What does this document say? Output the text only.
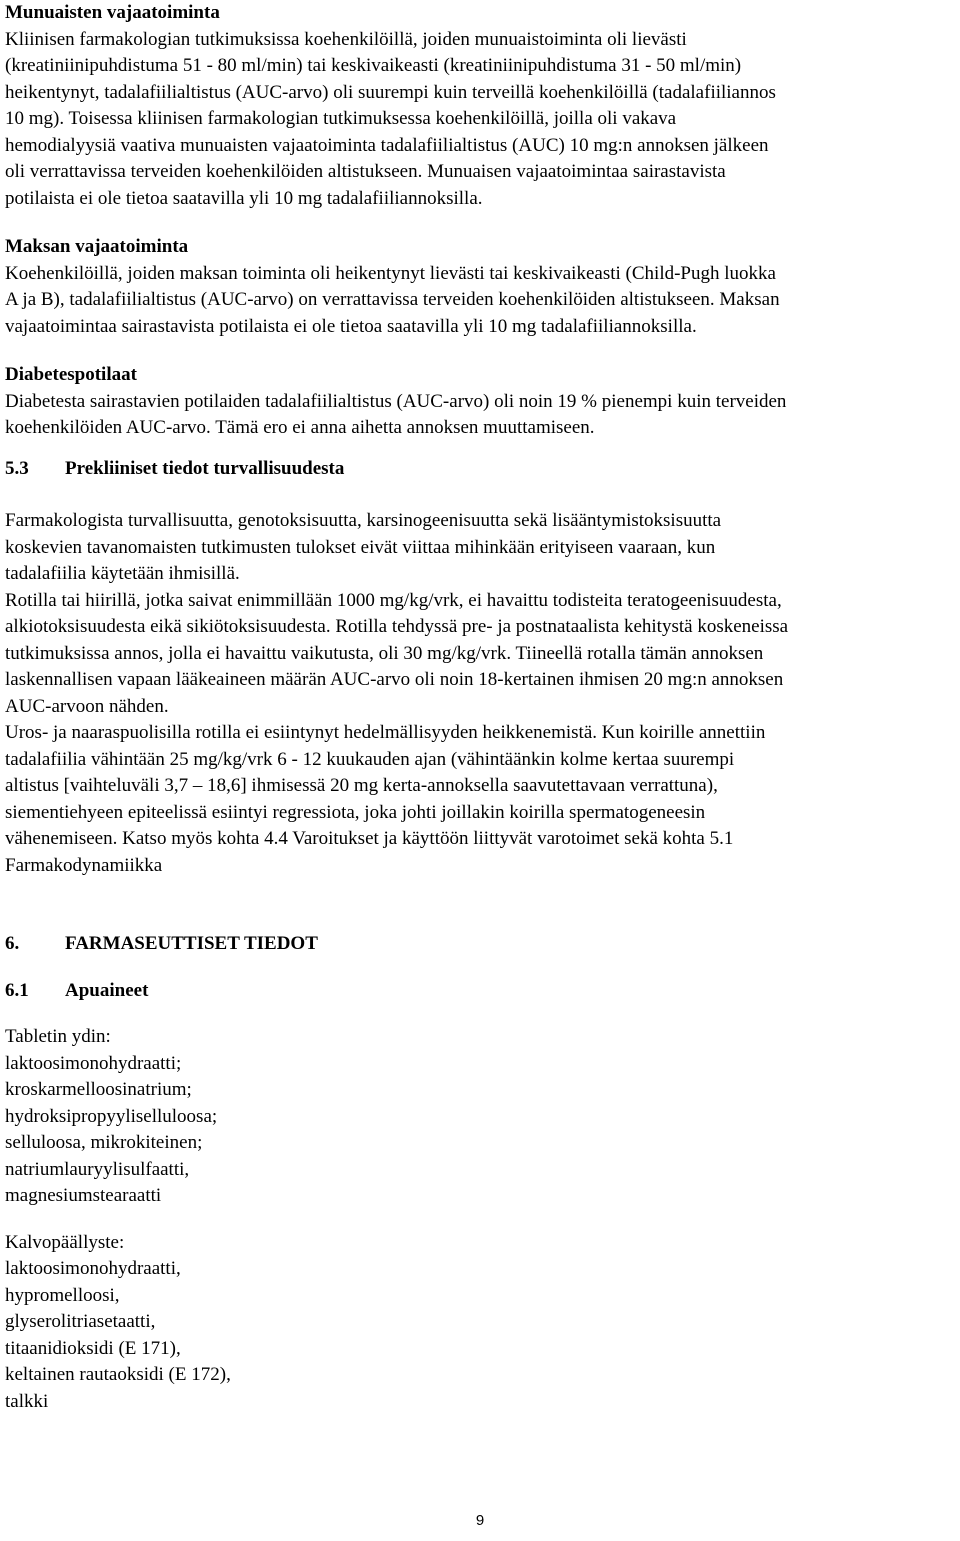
Munuaisten vajaatoiminta

Kliinisen farmakologian tutkimuksissa koehenkilöillä, joiden munuaistoiminta oli lievästi

(kreatiniinipuhdistuma 51 - 80 ml/min) tai keskivaikeasti (kreatiniinipuhdistuma 31 - 50 ml/min)

heikentynyt, tadalafiilialtistus (AUC-arvo) oli suurempi kuin terveillä koehenkilöillä (tadalafiiliannos

10 mg). Toisessa kliinisen farmakologian tutkimuksessa koehenkilöillä, joilla oli vakava

hemodialyysiä vaativa munuaisten vajaatoiminta tadalafiilialtistus (AUC) 10 mg:n annoksen jälkeen

oli verrattavissa terveiden koehenkilöiden altistukseen. Munuaisen vajaatoimintaa sairastavista

potilaista ei ole tietoa saatavilla yli 10 mg tadalafiiliannoksilla.

Maksan vajaatoiminta

Koehenkilöillä, joiden maksan toiminta oli heikentynyt lievästi tai keskivaikeasti (Child-Pugh luokka

A ja B), tadalafiilialtistus (AUC-arvo) on verrattavissa terveiden koehenkilöiden altistukseen. Maksan

vajaatoimintaa sairastavista potilaista ei ole tietoa saatavilla yli 10 mg tadalafiiliannoksilla.

Diabetespotilaat

Diabetesta sairastavien potilaiden tadalafiilialtistus (AUC-arvo) oli noin 19 % pienempi kuin terveiden

koehenkilöiden AUC-arvo. Tämä ero ei anna aihetta annoksen muuttamiseen.

5.3 Prekliiniset tiedot turvallisuudesta

Farmakologista turvallisuutta, genotoksisuutta, karsinogeenisuutta sekä lisääntymistoksisuutta

koskevien tavanomaisten tutkimusten tulokset eivät viittaa mihinkään erityiseen vaaraan, kun

tadalafiilia käytetään ihmisillä.

Rotilla tai hiirillä, jotka saivat enimmillään 1000 mg/kg/vrk, ei havaittu todisteita teratogeenisuudesta,

alkiotoksisuudesta eikä sikiötoksisuudesta. Rotilla tehdyssä pre- ja postnataalista kehitystä koskeneissa

tutkimuksissa annos, jolla ei havaittu vaikutusta, oli 30 mg/kg/vrk. Tiineellä rotalla tämän annoksen

laskennallisen vapaan lääkeaineen määrän AUC-arvo oli noin 18-kertainen ihmisen 20 mg:n annoksen

AUC-arvoon nähden.

Uros- ja naaraspuolisilla rotilla ei esiintynyt hedelmällisyyden heikkenemistä. Kun koirille annettiin

tadalafiilia vähintään 25 mg/kg/vrk 6 - 12 kuukauden ajan (vähintäänkin kolme kertaa suurempi

altistus [vaihteluväli 3,7 – 18,6] ihmisessä 20 mg kerta-annoksella saavutettavaan verrattuna),

siementiehyeen epiteelissä esiintyi regressiota, joka johti joillakin koirilla spermatogeneesin

vähenemiseen. Katso myös kohta 4.4 Varoitukset ja käyttöön liittyvät varotoimet sekä kohta 5.1

Farmakodynamiikka

6. FARMASEUTTISET TIEDOT
6.1 Apuaineet
Tabletin ydin:
laktoosimonohydraatti;
kroskarmelloosinatrium;
hydroksipropyyliselluloosa;
selluloosa, mikrokiteinen;
natriumlauryylisulfaatti,
magnesiumstearaatti
Kalvopäällyste:
laktoosimonohydraatti,
hypromelloosi,
glyserolitriasetaatti,
titaanidioksidi (E 171),
keltainen rautaoksidi (E 172),
talkki
9
